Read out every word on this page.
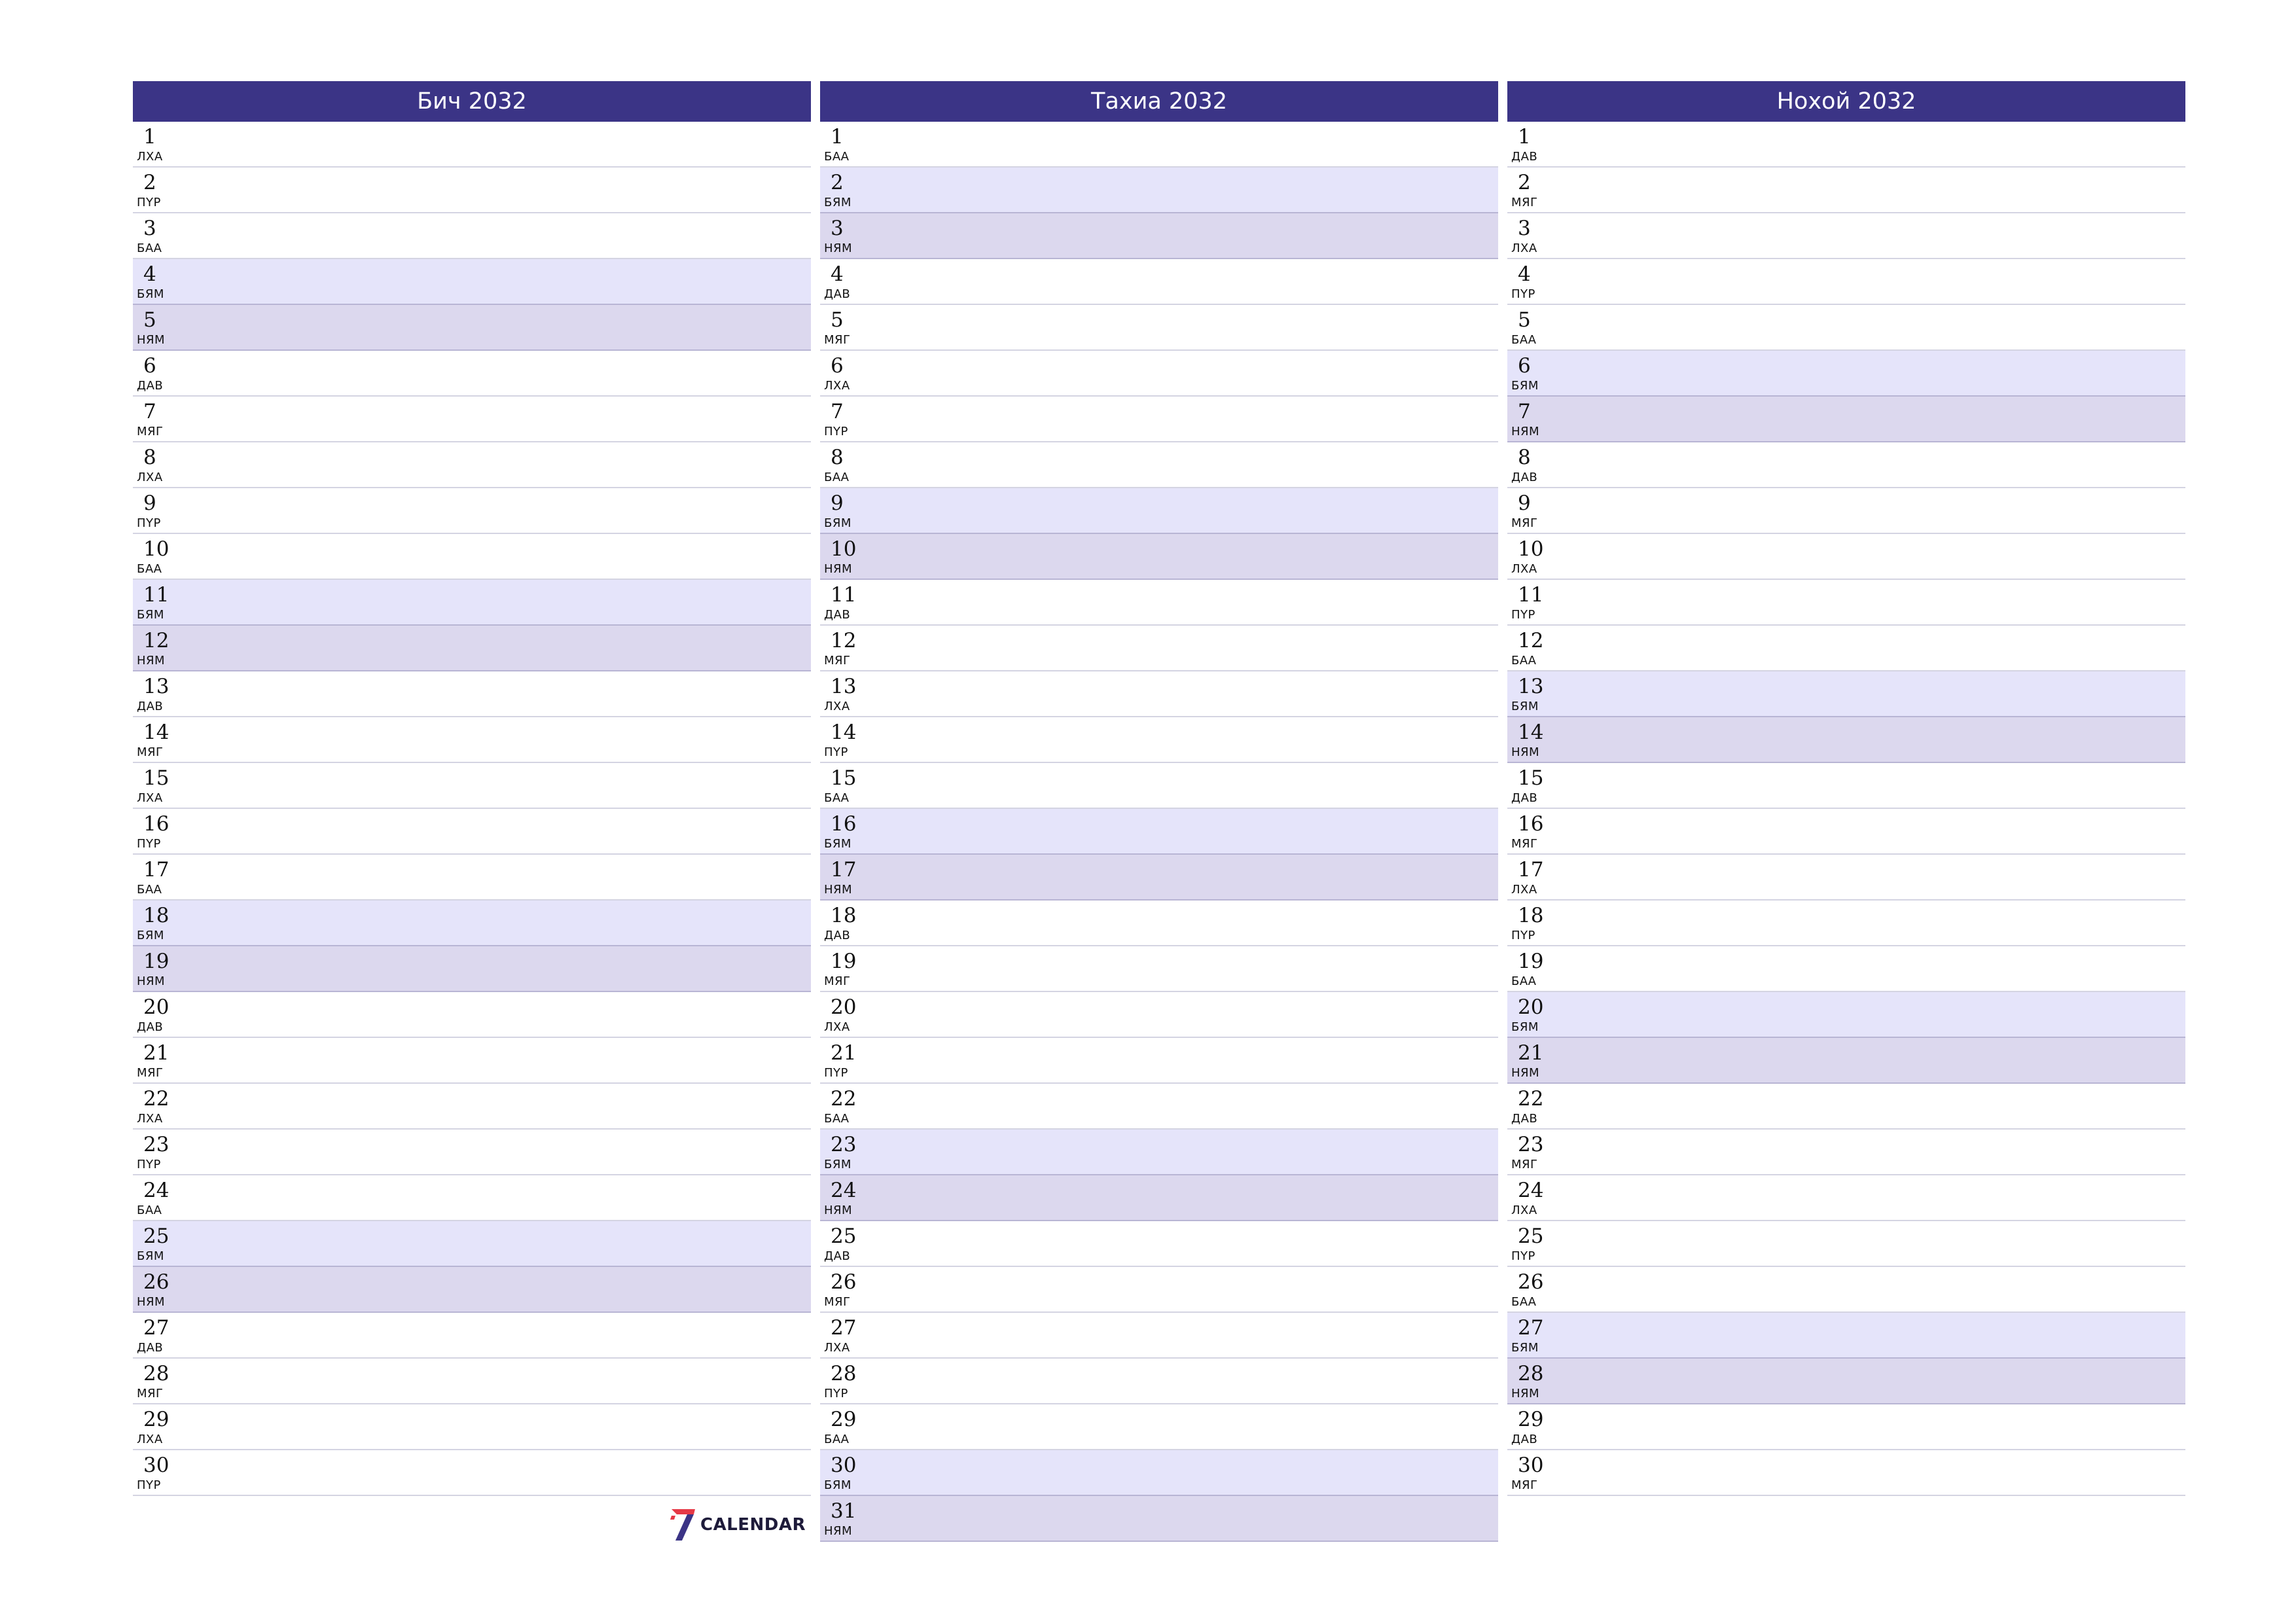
Бич 2032
1
ЛХА
2
ПҮР
3
БАА
4
БЯМ
5
НЯМ
6
ДАВ
7
МЯГ
8
ЛХА
9
ПҮР
10
БАА
11
БЯМ
12
НЯМ
13
ДАВ
14
МЯГ
15
ЛХА
16
ПҮР
17
БАА
18
БЯМ
19
НЯМ
20
ДАВ
21
МЯГ
22
ЛХА
23
ПҮР
24
БАА
25
БЯМ
26
НЯМ
27
ДАВ
28
МЯГ
29
ЛХА
30
ПҮР
Тахиа 2032
1
БАА
2
БЯМ
3
НЯМ
4
ДАВ
5
МЯГ
6
ЛХА
7
ПҮР
8
БАА
9
БЯМ
10
НЯМ
11
ДАВ
12
МЯГ
13
ЛХА
14
ПҮР
15
БАА
16
БЯМ
17
НЯМ
18
ДАВ
19
МЯГ
20
ЛХА
21
ПҮР
22
БАА
23
БЯМ
24
НЯМ
25
ДАВ
26
МЯГ
27
ЛХА
28
ПҮР
29
БАА
30
БЯМ
31
НЯМ
Нохой 2032
1
ДАВ
2
МЯГ
3
ЛХА
4
ПҮР
5
БАА
6
БЯМ
7
НЯМ
8
ДАВ
9
МЯГ
10
ЛХА
11
ПҮР
12
БАА
13
БЯМ
14
НЯМ
15
ДАВ
16
МЯГ
17
ЛХА
18
ПҮР
19
БАА
20
БЯМ
21
НЯМ
22
ДАВ
23
МЯГ
24
ЛХА
25
ПҮР
26
БАА
27
БЯМ
28
НЯМ
29
ДАВ
30
МЯГ
CALENDAR
